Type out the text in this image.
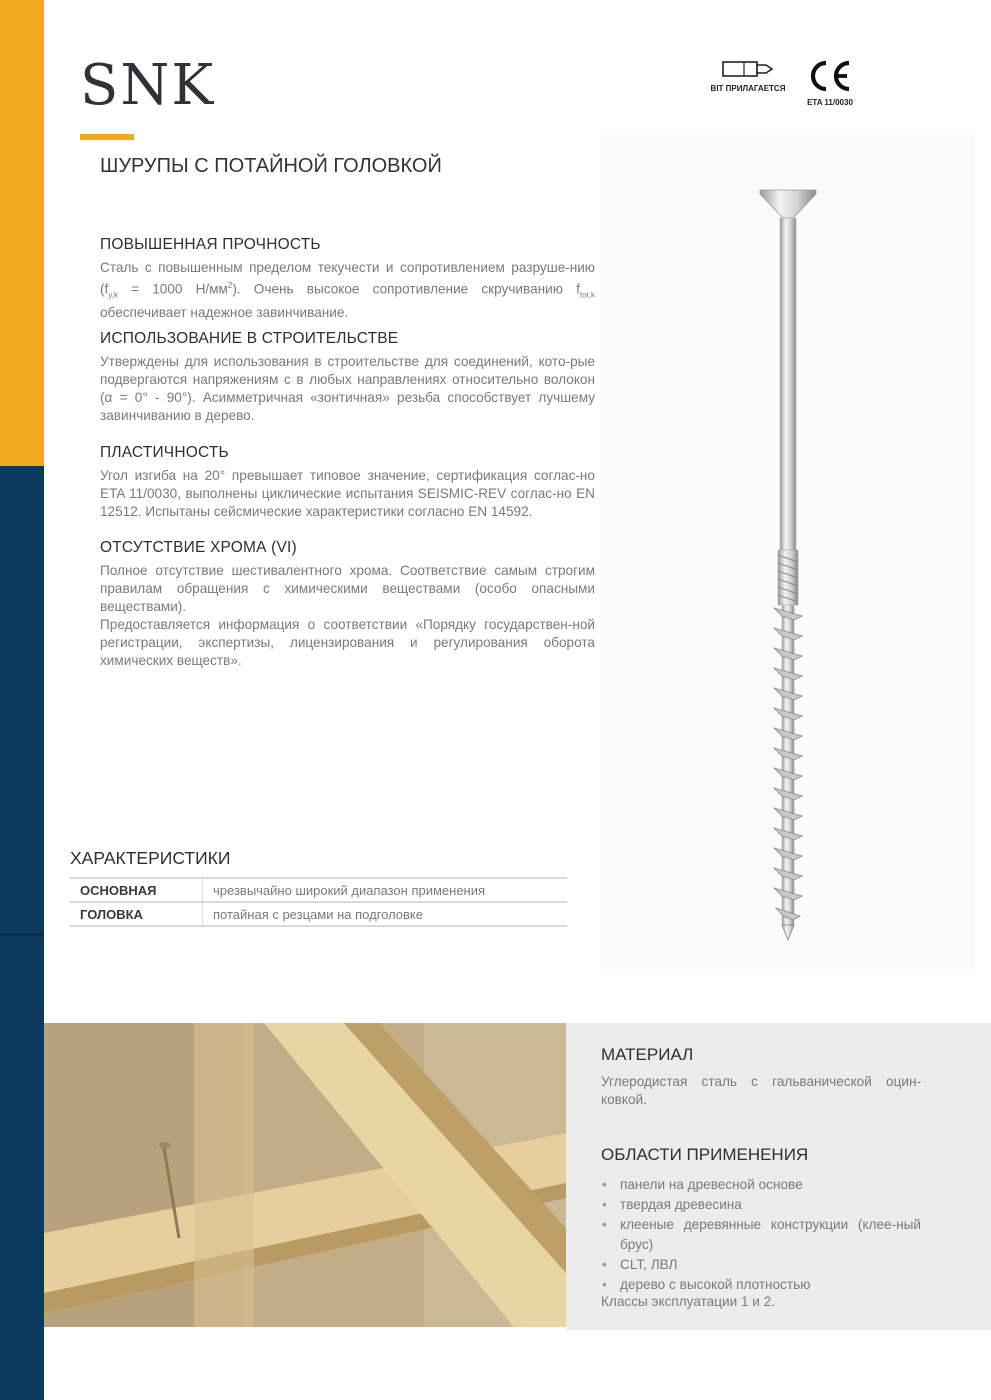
SNK
ШУРУПЫ С ПОТАЙНОЙ ГОЛОВКОЙ
BIT ПРИЛАГАЕТСЯ
ETA 11/0030
ПОВЫШЕННАЯ ПРОЧНОСТЬ

Сталь с повышенным пределом текучести и сопротивлением разруше-нию ($f_{y,k} = 1000$ $Н/мм^2$). Очень высокое сопротивление скручиванию $f_{tor,k}$ обеспечивает надежное завинчивание.

ИСПОЛЬЗОВАНИЕ В СТРОИТЕЛЬСТВЕ

Утверждены для использования в строительстве для соединений, кото-рые подвергаются напряжениям с в любых направлениях относительно волокон (α = 0° - 90°). Асимметричная «зонтичная» резьба способствует лучшему завинчиванию в дерево.

ПЛАСТИЧНОСТЬ

Угол изгиба на 20° превышает типовое значение, сертификация соглас-но ETA 11/0030, выполнены циклические испытания SEISMIC-REV соглас-но EN 12512. Испытаны сейсмические характеристики согласно EN 14592.

ОТСУТСТВИЕ ХРОМА (VI)

Полное отсутствие шестивалентного хрома. Соответствие самым строгим правилам обращения с химическими веществами (особо опасными веществами).

Предоставляется информация о соответствии «Порядку государствен-ной регистрации, экспертизы, лицензирования и регулирования оборота химических веществ».

ХАРАКТЕРИСТИКИ
ОСНОВНАЯ	чрезвычайно широкий диапазон применения
ГОЛОВКА	потайная с резцами на подголовке
МАТЕРИАЛ

Углеродистая сталь с гальванической оцин-ковкой.

ОБЛАСТИ ПРИМЕНЕНИЯ
• панели на древесной основе
• твердая древесина
• клееные деревянные конструкции (клее-ный брус)
• CLT, ЛВЛ
• дерево с высокой плотностью

Классы эксплуатации 1 и 2.
